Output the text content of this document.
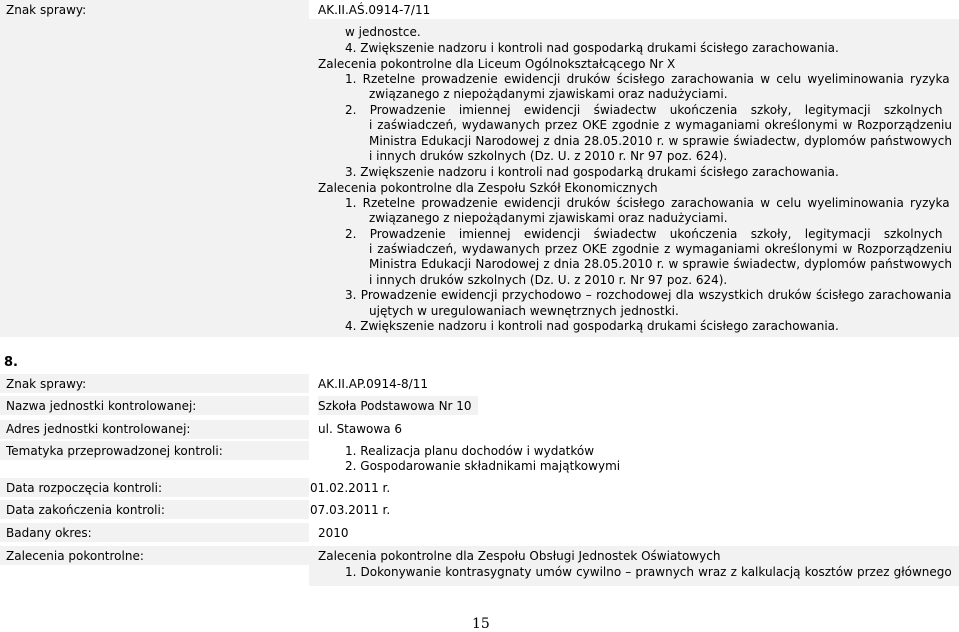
Znak sprawy:	AK.II.AŚ.0914-7/11
w jednostce.
4. Zwiększenie nadzoru i kontroli nad gospodarką drukami ścisłego zarachowania.
Zalecenia pokontrolne dla Liceum Ogólnokształcącego Nr X
1. Rzetelne prowadzenie ewidencji druków ścisłego zarachowania w celu wyeliminowania ryzyka
związanego z niepożądanymi zjawiskami oraz nadużyciami.
2. Prowadzenie imiennej ewidencji świadectw ukończenia szkoły, legitymacji szkolnych
i zaświadczeń, wydawanych przez OKE zgodnie z wymaganiami określonymi w Rozporządzeniu
Ministra Edukacji Narodowej z dnia 28.05.2010 r. w sprawie świadectw, dyplomów państwowych
i innych druków szkolnych (Dz. U. z 2010 r. Nr 97 poz. 624).
3. Zwiększenie nadzoru i kontroli nad gospodarką drukami ścisłego zarachowania.
Zalecenia pokontrolne dla Zespołu Szkół Ekonomicznych
1. Rzetelne prowadzenie ewidencji druków ścisłego zarachowania w celu wyeliminowania ryzyka
związanego z niepożądanymi zjawiskami oraz nadużyciami.
2. Prowadzenie imiennej ewidencji świadectw ukończenia szkoły, legitymacji szkolnych
i zaświadczeń, wydawanych przez OKE zgodnie z wymaganiami określonymi w Rozporządzeniu
Ministra Edukacji Narodowej z dnia 28.05.2010 r. w sprawie świadectw, dyplomów państwowych
i innych druków szkolnych (Dz. U. z 2010 r. Nr 97 poz. 624).
3. Prowadzenie ewidencji przychodowo – rozchodowej dla wszystkich druków ścisłego zarachowania
ujętych w uregulowaniach wewnętrznych jednostki.
4. Zwiększenie nadzoru i kontroli nad gospodarką drukami ścisłego zarachowania.
8.
Znak sprawy:	AK.II.AP.0914-8/11
Nazwa jednostki kontrolowanej:	Szkoła Podstawowa Nr 10
Adres jednostki kontrolowanej:	ul. Stawowa 6
Tematyka przeprowadzonej kontroli:	1. Realizacja planu dochodów i wydatków
2. Gospodarowanie składnikami majątkowymi
Data rozpoczęcia kontroli:	01.02.2011 r.
Data zakończenia kontroli:	07.03.2011 r.
Badany okres:	2010
Zalecenia pokontrolne:	Zalecenia pokontrolne dla Zespołu Obsługi Jednostek Oświatowych
1. Dokonywanie kontrasygnaty umów cywilno – prawnych wraz z kalkulacją kosztów przez głównego
15
